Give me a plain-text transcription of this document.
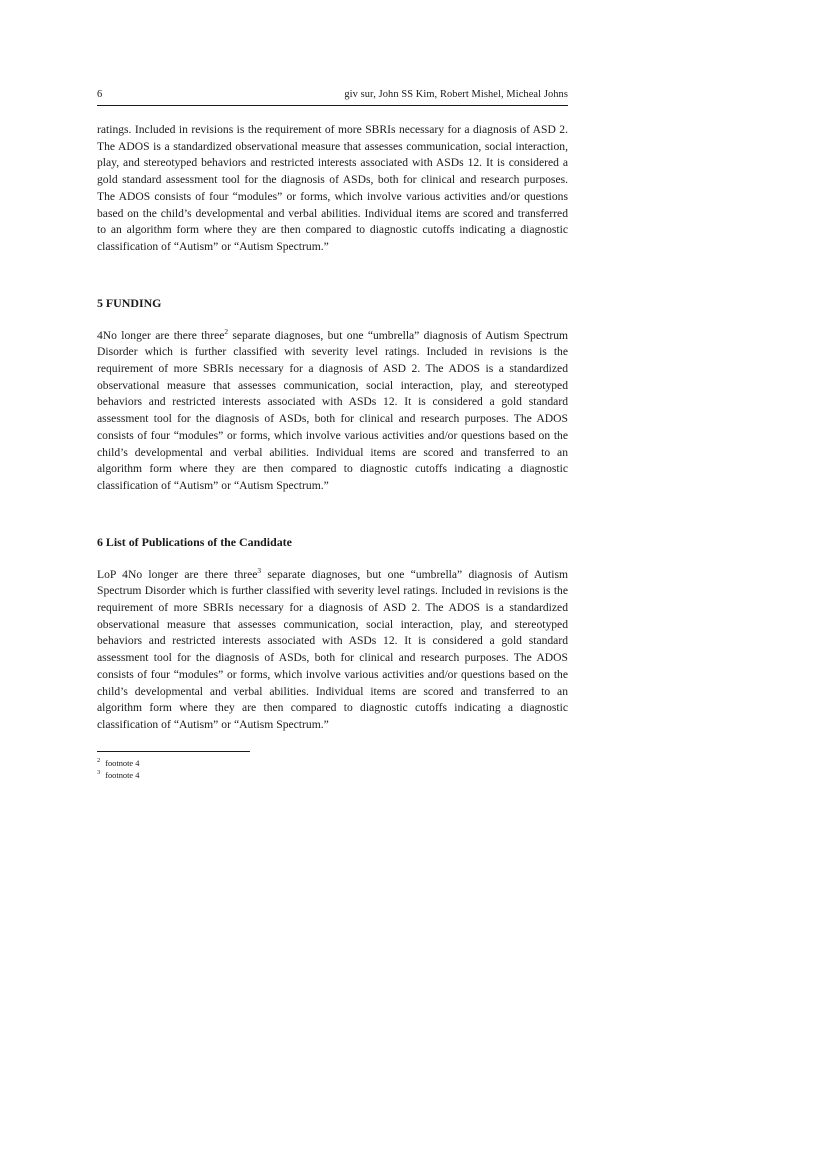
6	giv sur, John SS Kim, Robert Mishel, Micheal Johns

ratings. Included in revisions is the requirement of more SBRIs necessary for a diagnosis of ASD 2. The ADOS is a standardized observational measure that assesses communication, social interaction, play, and stereotyped behaviors and restricted interests associated with ASDs 12. It is considered a gold standard assessment tool for the diagnosis of ASDs, both for clinical and research purposes. The ADOS consists of four “modules” or forms, which involve various activities and/or questions based on the child’s developmental and verbal abilities. Individual items are scored and transferred to an algorithm form where they are then compared to diagnostic cutoffs indicating a diagnostic classification of “Autism” or “Autism Spectrum.”

5 FUNDING

4No longer are there three$^2$ separate diagnoses, but one “umbrella” diagnosis of Autism Spectrum Disorder which is further classified with severity level ratings. Included in revisions is the requirement of more SBRIs necessary for a diagnosis of ASD 2. The ADOS is a standardized observational measure that assesses communication, social interaction, play, and stereotyped behaviors and restricted interests associated with ASDs 12. It is considered a gold standard assessment tool for the diagnosis of ASDs, both for clinical and research purposes. The ADOS consists of four “modules” or forms, which involve various activities and/or questions based on the child’s developmental and verbal abilities. Individual items are scored and transferred to an algorithm form where they are then compared to diagnostic cutoffs indicating a diagnostic classification of “Autism” or “Autism Spectrum.”

6 List of Publications of the Candidate

LoP 4No longer are there three$^3$ separate diagnoses, but one “umbrella” diagnosis of Autism Spectrum Disorder which is further classified with severity level ratings. Included in revisions is the requirement of more SBRIs necessary for a diagnosis of ASD 2. The ADOS is a standardized observational measure that assesses communication, social interaction, play, and stereotyped behaviors and restricted interests associated with ASDs 12. It is considered a gold standard assessment tool for the diagnosis of ASDs, both for clinical and research purposes. The ADOS consists of four “modules” or forms, which involve various activities and/or questions based on the child’s developmental and verbal abilities. Individual items are scored and transferred to an algorithm form where they are then compared to diagnostic cutoffs indicating a diagnostic classification of “Autism” or “Autism Spectrum.”

2 footnote 4
3 footnote 4
